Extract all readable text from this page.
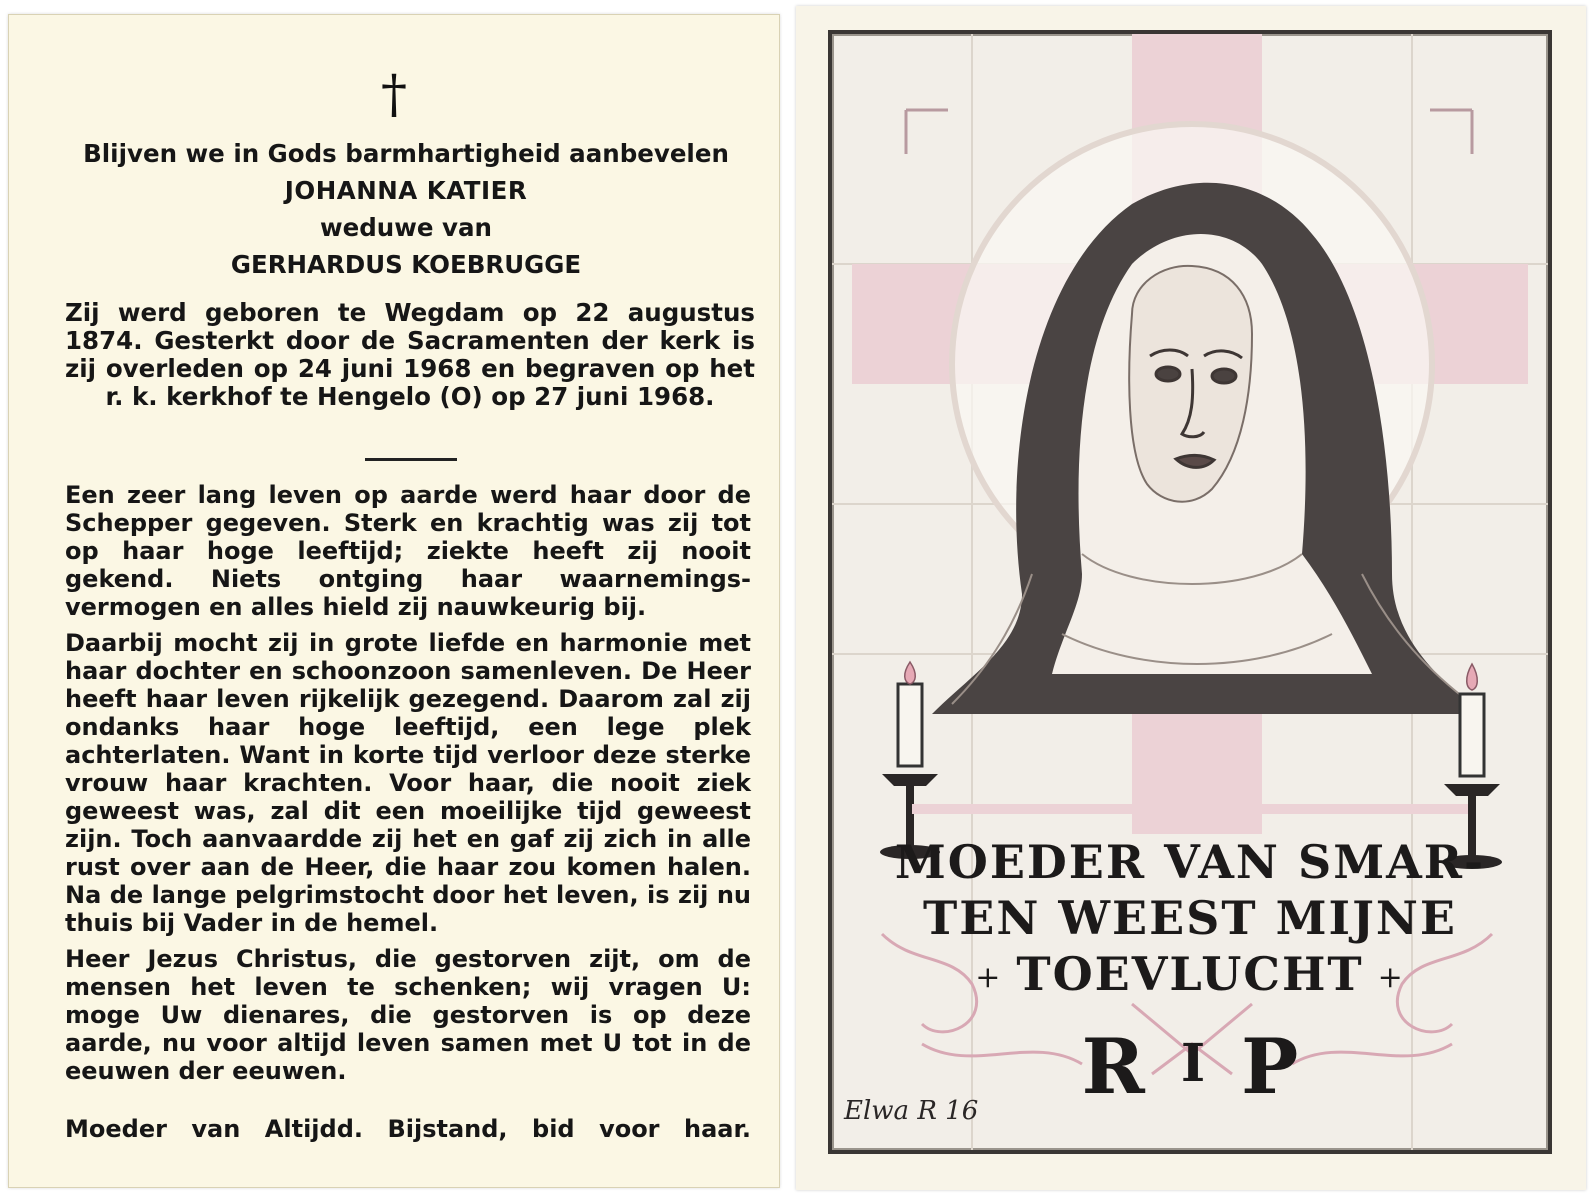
†
Blijven we in Gods barmhartigheid aanbevelen
JOHANNA KATIER
weduwe van
GERHARDUS KOEBRUGGE
Zij werd geboren te Wegdam op 22 augustus 1874. Gesterkt door de Sacramenten der kerk is zij overleden op 24 juni 1968 en begraven op het r. k. kerkhof te Hengelo (O) op 27 juni 1968.

Een zeer lang leven op aarde werd haar door de Schepper gegeven. Sterk en krachtig was zij tot op haar hoge leeftijd; ziekte heeft zij nooit gekend. Niets ontging haar waarnemingsvermogen en alles hield zij nauwkeurig bij.

Daarbij mocht zij in grote liefde en harmonie met haar dochter en schoonzoon samenleven. De Heer heeft haar leven rijkelijk gezegend. Daarom zal zij ondanks haar hoge leeftijd, een lege plek achterlaten. Want in korte tijd verloor deze sterke vrouw haar krachten. Voor haar, die nooit ziek geweest was, zal dit een moeilijke tijd geweest zijn. Toch aanvaardde zij het en gaf zij zich in alle rust over aan de Heer, die haar zou komen halen. Na de lange pelgrimstocht door het leven, is zij nu thuis bij Vader in de hemel.

Heer Jezus Christus, die gestorven zijt, om de mensen het leven te schenken; wij vragen U: moge Uw dienares, die gestorven is op deze aarde, nu voor altijd leven samen met U tot in de eeuwen der eeuwen.

Moeder van Altijdd. Bijstand, bid voor haar.
MOEDER VAN SMAR-
TEN WEEST MIJNE
+ TOEVLUCHT +
R I P
Elwa R 16
